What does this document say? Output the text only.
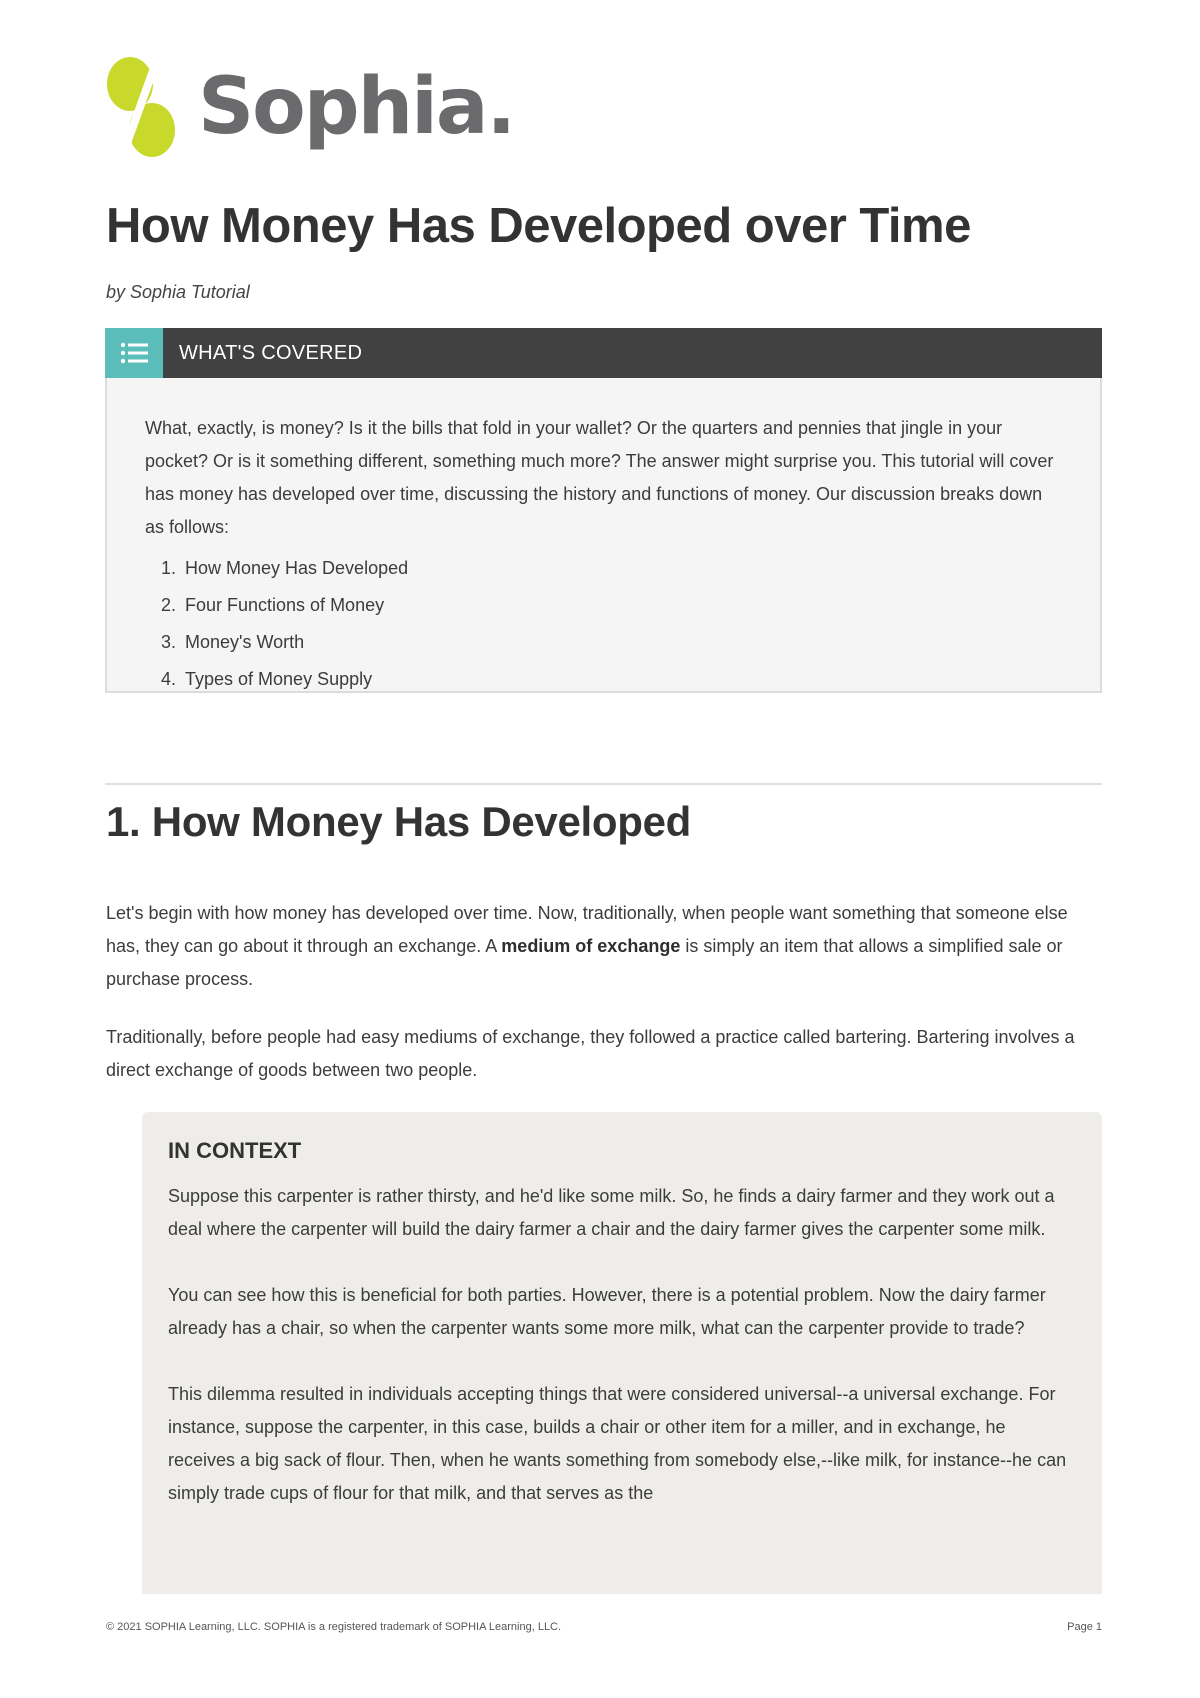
Sophia.
How Money Has Developed over Time
by Sophia Tutorial
WHAT'S COVERED

What, exactly, is money? Is it the bills that fold in your wallet? Or the quarters and pennies that jingle in your pocket? Or is it something different, something much more? The answer might surprise you. This tutorial will cover has money has developed over time, discussing the history and functions of money. Our discussion breaks down as follows:

1. How Money Has Developed
2. Four Functions of Money
3. Money's Worth
4. Types of Money Supply
1. How Money Has Developed

Let's begin with how money has developed over time. Now, traditionally, when people want something that someone else has, they can go about it through an exchange. A medium of exchange is simply an item that allows a simplified sale or purchase process.

Traditionally, before people had easy mediums of exchange, they followed a practice called bartering. Bartering involves a direct exchange of goods between two people.

IN CONTEXT

Suppose this carpenter is rather thirsty, and he'd like some milk. So, he finds a dairy farmer and they work out a deal where the carpenter will build the dairy farmer a chair and the dairy farmer gives the carpenter some milk.

You can see how this is beneficial for both parties. However, there is a potential problem. Now the dairy farmer already has a chair, so when the carpenter wants some more milk, what can the carpenter provide to trade?

This dilemma resulted in individuals accepting things that were considered universal--a universal exchange. For instance, suppose the carpenter, in this case, builds a chair or other item for a miller, and in exchange, he receives a big sack of flour. Then, when he wants something from somebody else,--like milk, for instance--he can simply trade cups of flour for that milk, and that serves as the

© 2021 SOPHIA Learning, LLC. SOPHIA is a registered trademark of SOPHIA Learning, LLC.	Page 1
